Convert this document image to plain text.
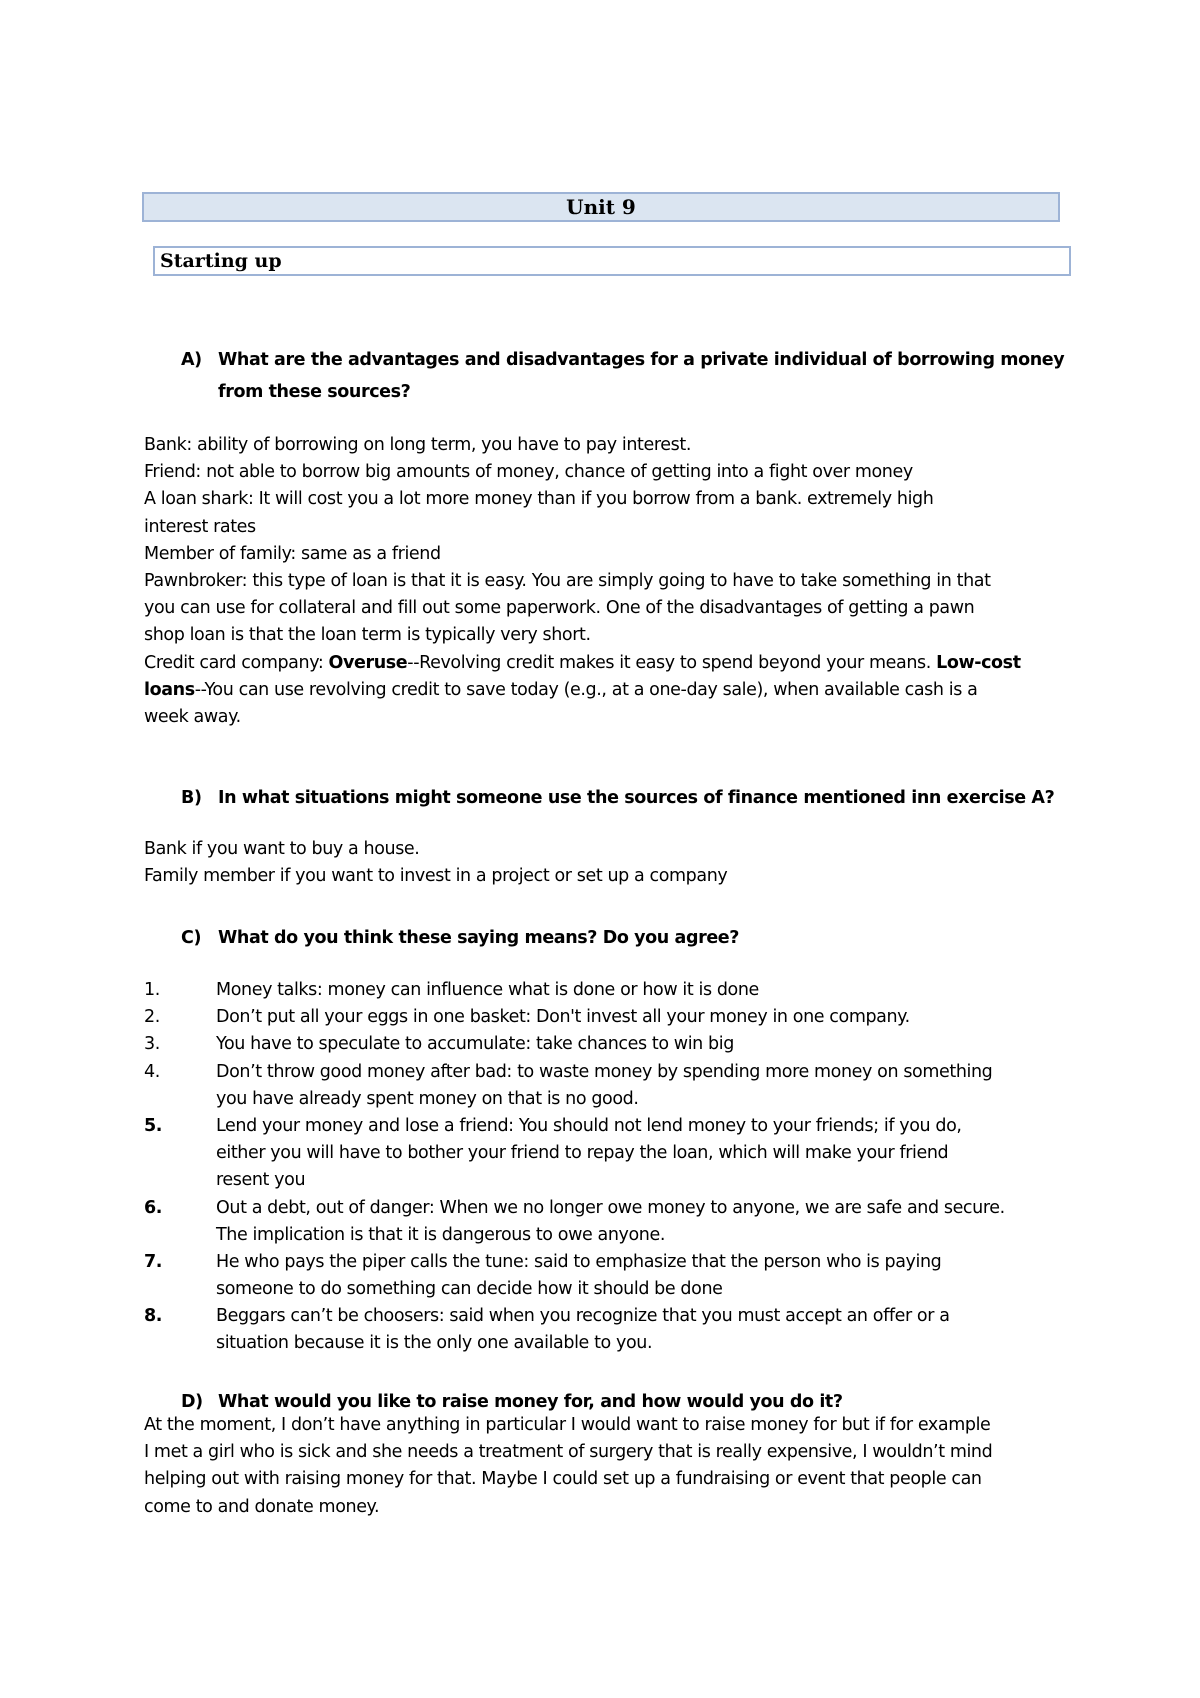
Unit 9
Starting up
A) What are the advantages and disadvantages for a private individual of borrowing money
from these sources?
Bank: ability of borrowing on long term, you have to pay interest.
Friend: not able to borrow big amounts of money, chance of getting into a fight over money
A loan shark: It will cost you a lot more money than if you borrow from a bank. extremely high
interest rates
Member of family: same as a friend
Pawnbroker: this type of loan is that it is easy. You are simply going to have to take something in that
you can use for collateral and fill out some paperwork. One of the disadvantages of getting a pawn
shop loan is that the loan term is typically very short.
Credit card company: Overuse--Revolving credit makes it easy to spend beyond your means. Low-cost
loans--You can use revolving credit to save today (e.g., at a one-day sale), when available cash is a
week away.
B) In what situations might someone use the sources of finance mentioned inn exercise A?
Bank if you want to buy a house.
Family member if you want to invest in a project or set up a company
C) What do you think these saying means? Do you agree?
1.	Money talks: money can influence what is done or how it is done
2.	Don’t put all your eggs in one basket: Don't invest all your money in one company.
3.	You have to speculate to accumulate: take chances to win big
4.	Don’t throw good money after bad: to waste money by spending more money on something
you have already spent money on that is no good.
5.	Lend your money and lose a friend: You should not lend money to your friends; if you do,
either you will have to bother your friend to repay the loan, which will make your friend
resent you
6.	Out a debt, out of danger: When we no longer owe money to anyone, we are safe and secure.
The implication is that it is dangerous to owe anyone.
7.	He who pays the piper calls the tune: said to emphasize that the person who is paying
someone to do something can decide how it should be done
8.	Beggars can’t be choosers: said when you recognize that you must accept an offer or a
situation because it is the only one available to you.
D) What would you like to raise money for, and how would you do it?
At the moment, I don’t have anything in particular I would want to raise money for but if for example
I met a girl who is sick and she needs a treatment of surgery that is really expensive, I wouldn’t mind
helping out with raising money for that. Maybe I could set up a fundraising or event that people can
come to and donate money.
